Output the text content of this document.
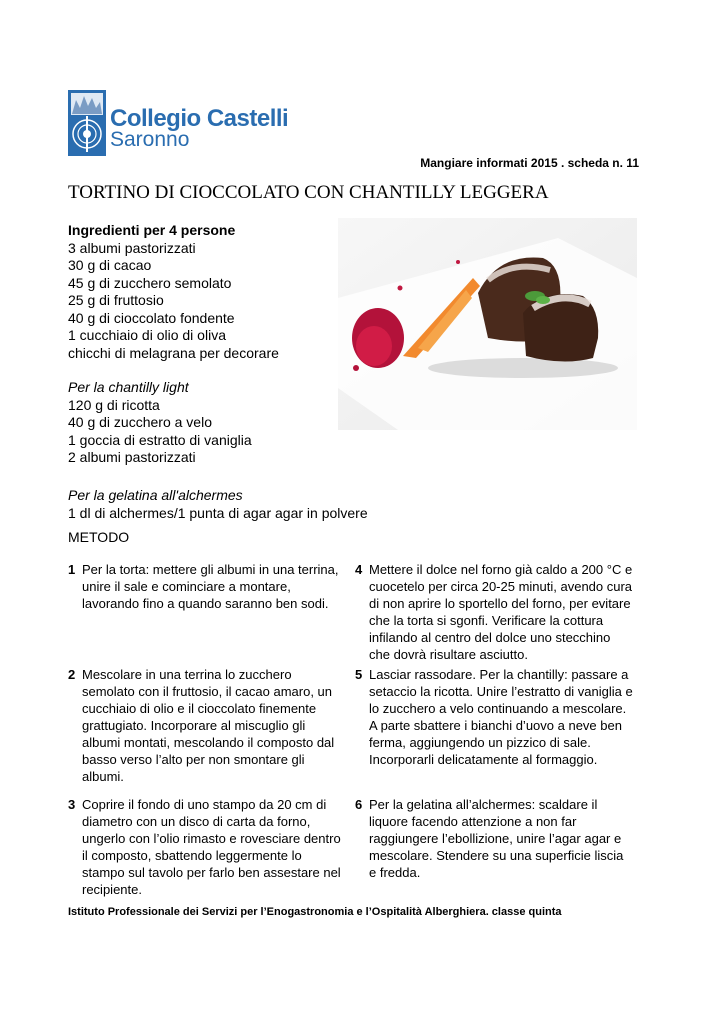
Collegio Castelli
Saronno
Mangiare informati 2015 . scheda n. 11
TORTINO DI CIOCCOLATO CON CHANTILLY LEGGERA
Ingredienti per 4 persone
3 albumi pastorizzati
30 g di cacao
45 g di zucchero semolato
25 g di fruttosio
40 g di cioccolato fondente
1 cucchiaio di olio di oliva
chicchi di melagrana per decorare
Per la chantilly light
120 g di ricotta
40 g di zucchero a velo
1 goccia di estratto di vaniglia
2 albumi pastorizzati
Per la gelatina all'alchermes
1 dl di alchermes/1 punta di agar agar in polvere
METODO
1 Per la torta: mettere gli albumi in una terrina, unire il sale e cominciare a montare, lavorando fino a quando saranno ben sodi.
4 Mettere il dolce nel forno già caldo a 200 °C e cuocetelo per circa 20-25 minuti, avendo cura di non aprire lo sportello del forno, per evitare che la torta si sgonfi. Verificare la cottura infilando al centro del dolce uno stecchino che dovrà risultare asciutto.
2 Mescolare in una terrina lo zucchero semolato con il fruttosio, il cacao amaro, un cucchiaio di olio e il cioccolato finemente grattugiato. Incorporare al miscuglio gli albumi montati, mescolando il composto dal basso verso l’alto per non smontare gli albumi.
5 Lasciar rassodare. Per la chantilly: passare a setaccio la ricotta. Unire l’estratto di vaniglia e lo zucchero a velo continuando a mescolare. A parte sbattere i bianchi d’uovo a neve ben ferma, aggiungendo un pizzico di sale. Incorporarli delicatamente al formaggio.
3 Coprire il fondo di uno stampo da 20 cm di diametro con un disco di carta da forno, ungerlo con l’olio rimasto e rovesciare dentro il composto, sbattendo leggermente lo stampo sul tavolo per farlo ben assestare nel recipiente.
6 Per la gelatina all’alchermes: scaldare il liquore facendo attenzione a non far raggiungere l’ebollizione, unire l’agar agar e mescolare. Stendere su una superficie liscia e fredda.
Istituto Professionale dei Servizi per l’Enogastronomia e l’Ospitalità Alberghiera. classe quinta
